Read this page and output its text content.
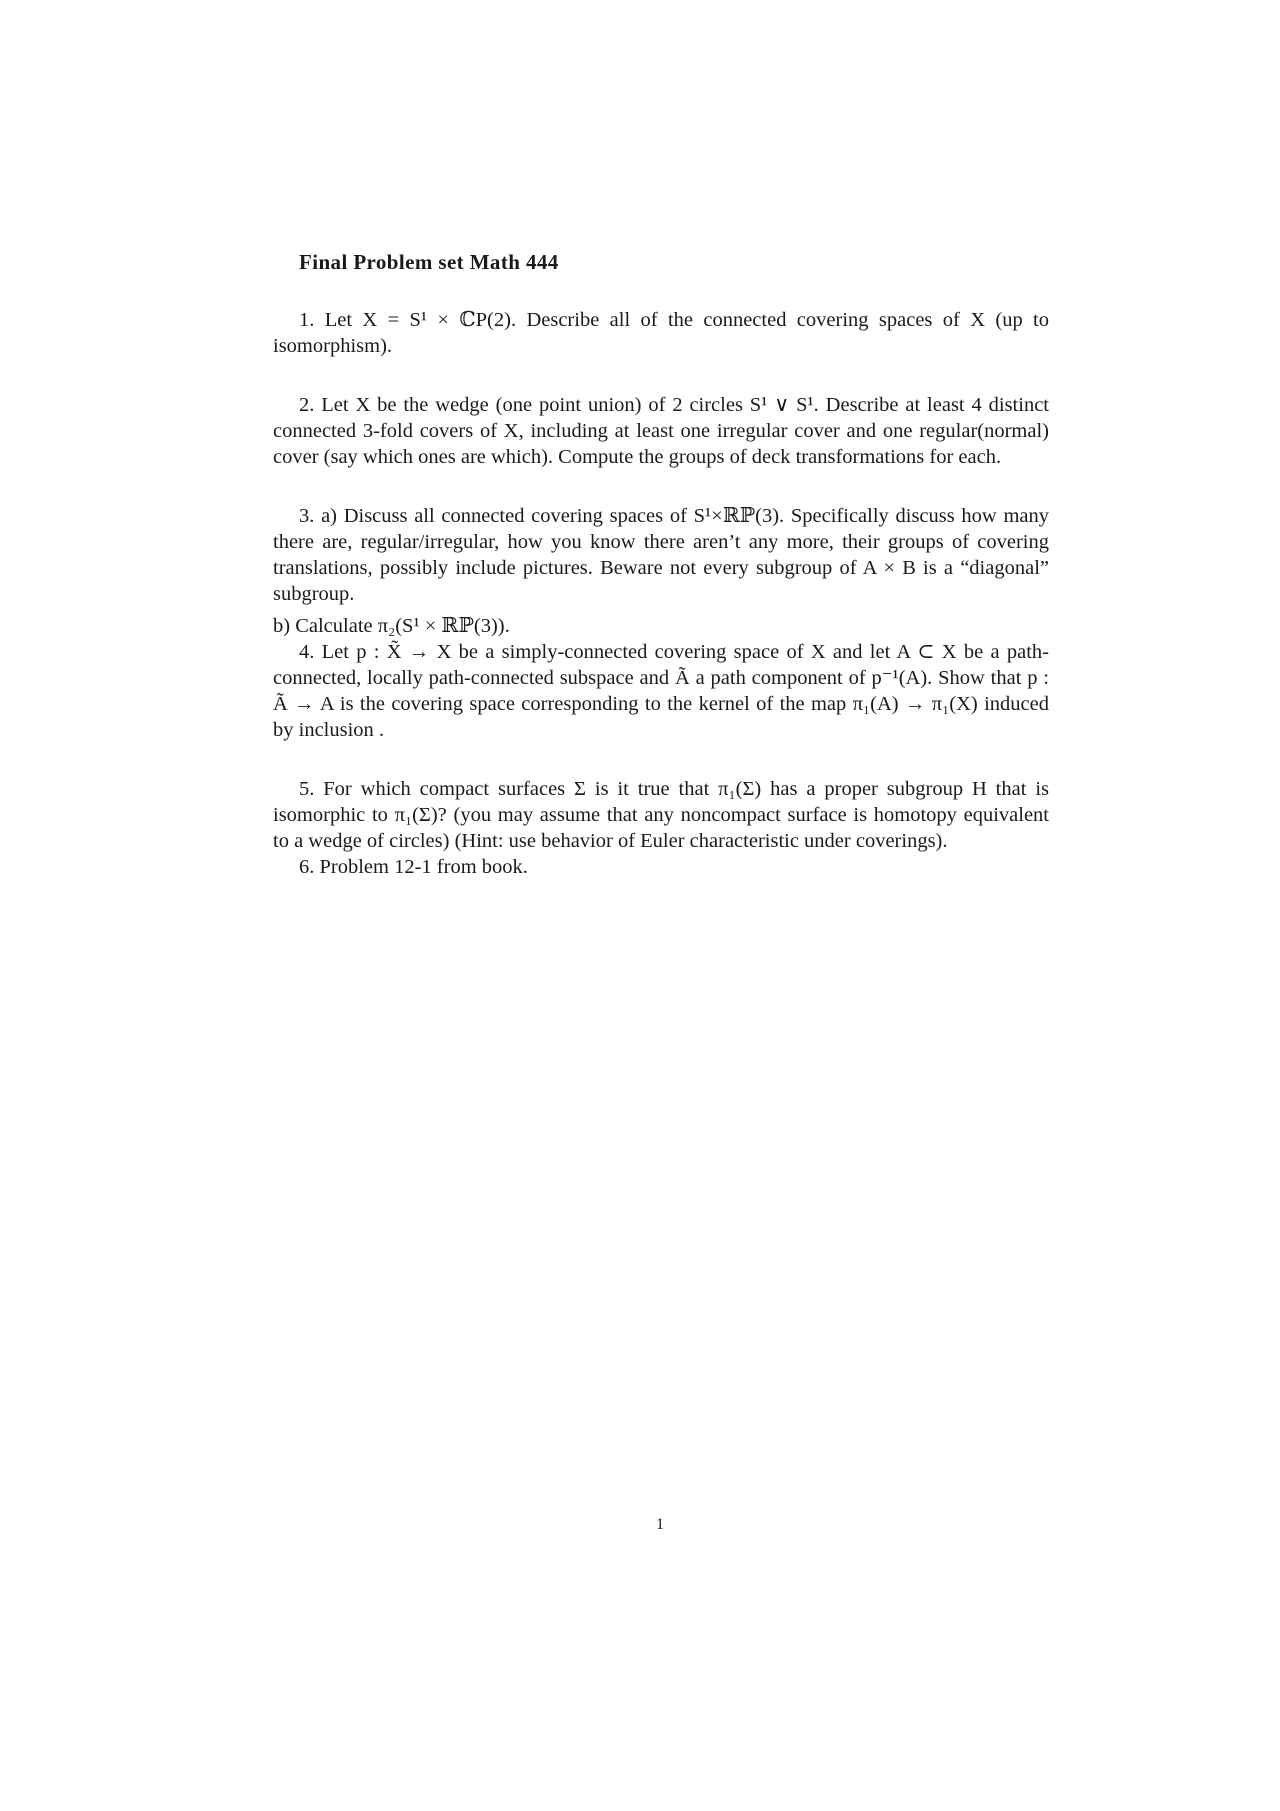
Final Problem set Math 444

1. Let X = S¹ × ℂP(2). Describe all of the connected covering spaces of X (up to isomorphism).

2. Let X be the wedge (one point union) of 2 circles S¹ ∨ S¹. Describe at least 4 distinct connected 3-fold covers of X, including at least one irregular cover and one regular(normal) cover (say which ones are which). Compute the groups of deck transformations for each.

3. a) Discuss all connected covering spaces of S¹×ℝℙ(3). Specifically discuss how many there are, regular/irregular, how you know there aren’t any more, their groups of covering translations, possibly include pictures. Beware not every subgroup of A × B is a “diagonal” subgroup.

b) Calculate π₂(S¹ × ℝℙ(3)).

4. Let p : X̃ → X be a simply-connected covering space of X and let A ⊂ X be a path-connected, locally path-connected subspace and Ã a path component of p⁻¹(A). Show that p : Ã → A is the covering space corresponding to the kernel of the map π₁(A) → π₁(X) induced by inclusion .

5. For which compact surfaces Σ is it true that π₁(Σ) has a proper subgroup H that is isomorphic to π₁(Σ)? (you may assume that any noncompact surface is homotopy equivalent to a wedge of circles) (Hint: use behavior of Euler characteristic under coverings).

6. Problem 12-1 from book.

1
